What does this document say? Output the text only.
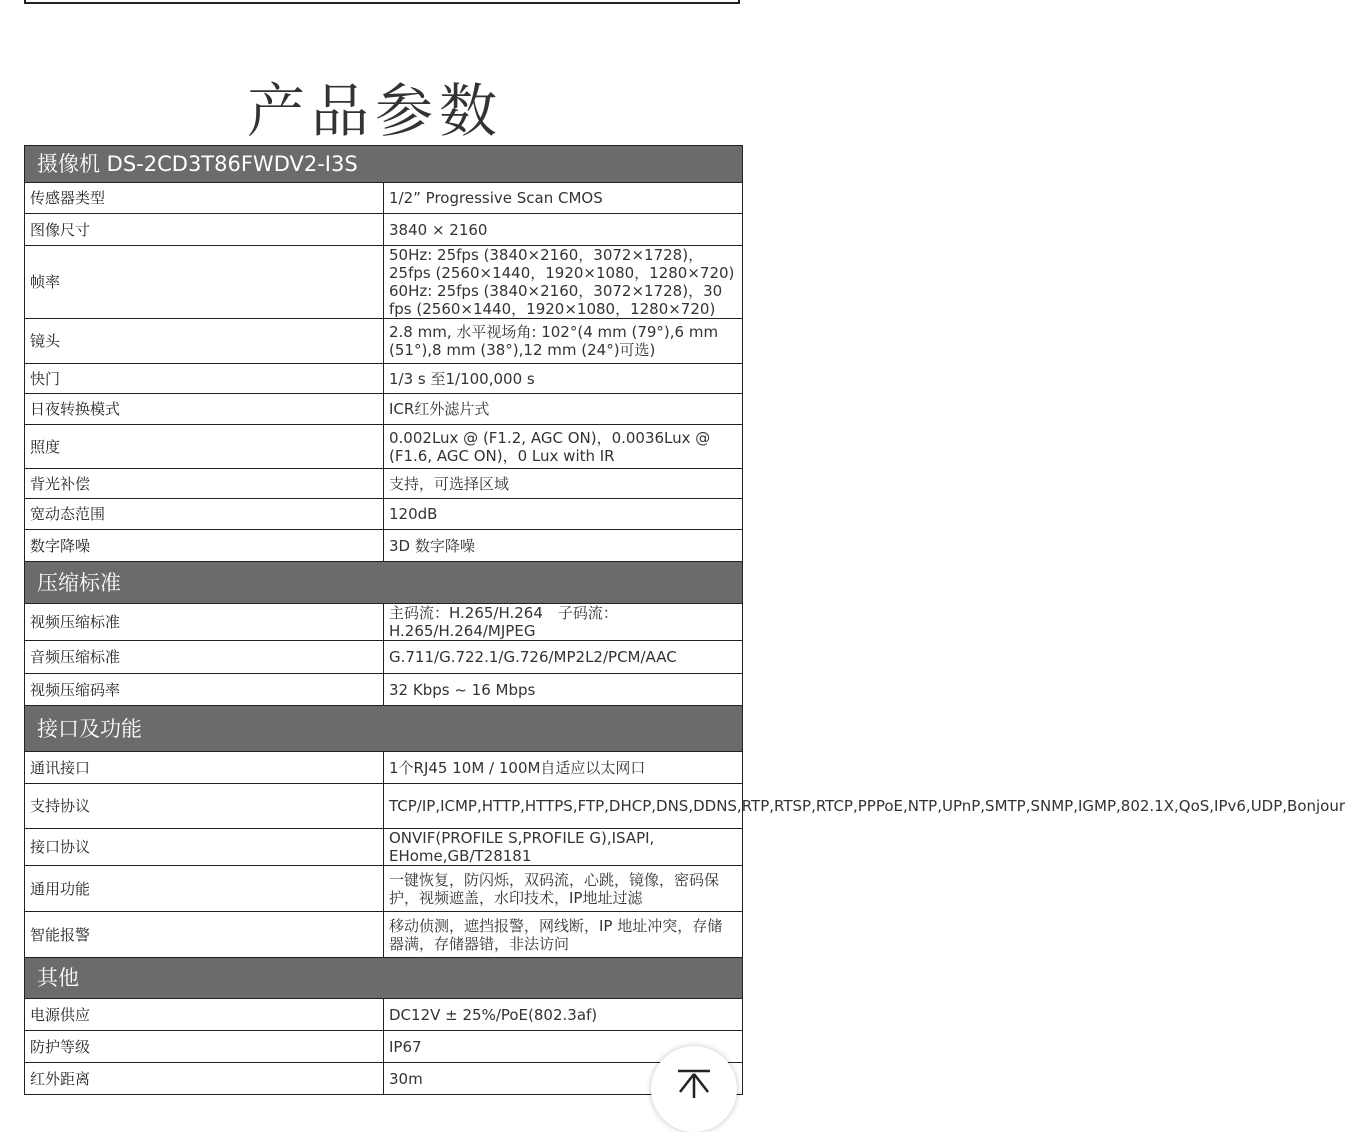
产品参数
摄像机 DS-2CD3T86FWDV2-I3S	
传感器类型	1/2” Progressive Scan CMOS
图像尺寸	3840 × 2160
帧率	50Hz: 25fps (3840×2160，3072×1728)，25fps (2560×1440，1920×1080，1280×720) 60Hz: 25fps (3840×2160，3072×1728)，30 fps (2560×1440，1920×1080，1280×720)
镜头	2.8 mm, 水平视场角: 102°(4 mm (79°),6 mm (51°),8 mm (38°),12 mm (24°)可选)
快门	1/3 s 至1/100,000 s
日夜转换模式	ICR红外滤片式
照度	0.002Lux @ (F1.2, AGC ON)，0.0036Lux @ (F1.6, AGC ON)，0 Lux with IR
背光补偿	支持，可选择区域
宽动态范围	120dB
数字降噪	3D 数字降噪
压缩标准	
视频压缩标准	主码流：H.265/H.264　子码流：H.265/H.264/MJPEG
音频压缩标准	G.711/G.722.1/G.726/MP2L2/PCM/AAC
视频压缩码率	32 Kbps ~ 16 Mbps
接口及功能	
通讯接口	1个RJ45 10M / 100M自适应以太网口
支持协议	TCP/IP,ICMP,HTTP,HTTPS,FTP,DHCP,DNS,DDNS,RTP,RTSP,RTCP,PPPoE,NTP,UPnP,SMTP,SNMP,IGMP,802.1X,QoS,IPv6,UDP,Bonjour
接口协议	ONVIF(PROFILE S,PROFILE G),ISAPI, EHome,GB/T28181
通用功能	一键恢复，防闪烁，双码流，心跳，镜像，密码保护，视频遮盖，水印技术，IP地址过滤
智能报警	移动侦测，遮挡报警，网线断，IP 地址冲突，存储器满，存储器错，非法访问
其他	
电源供应	DC12V ± 25%/PoE(802.3af)
防护等级	IP67
红外距离	30m
